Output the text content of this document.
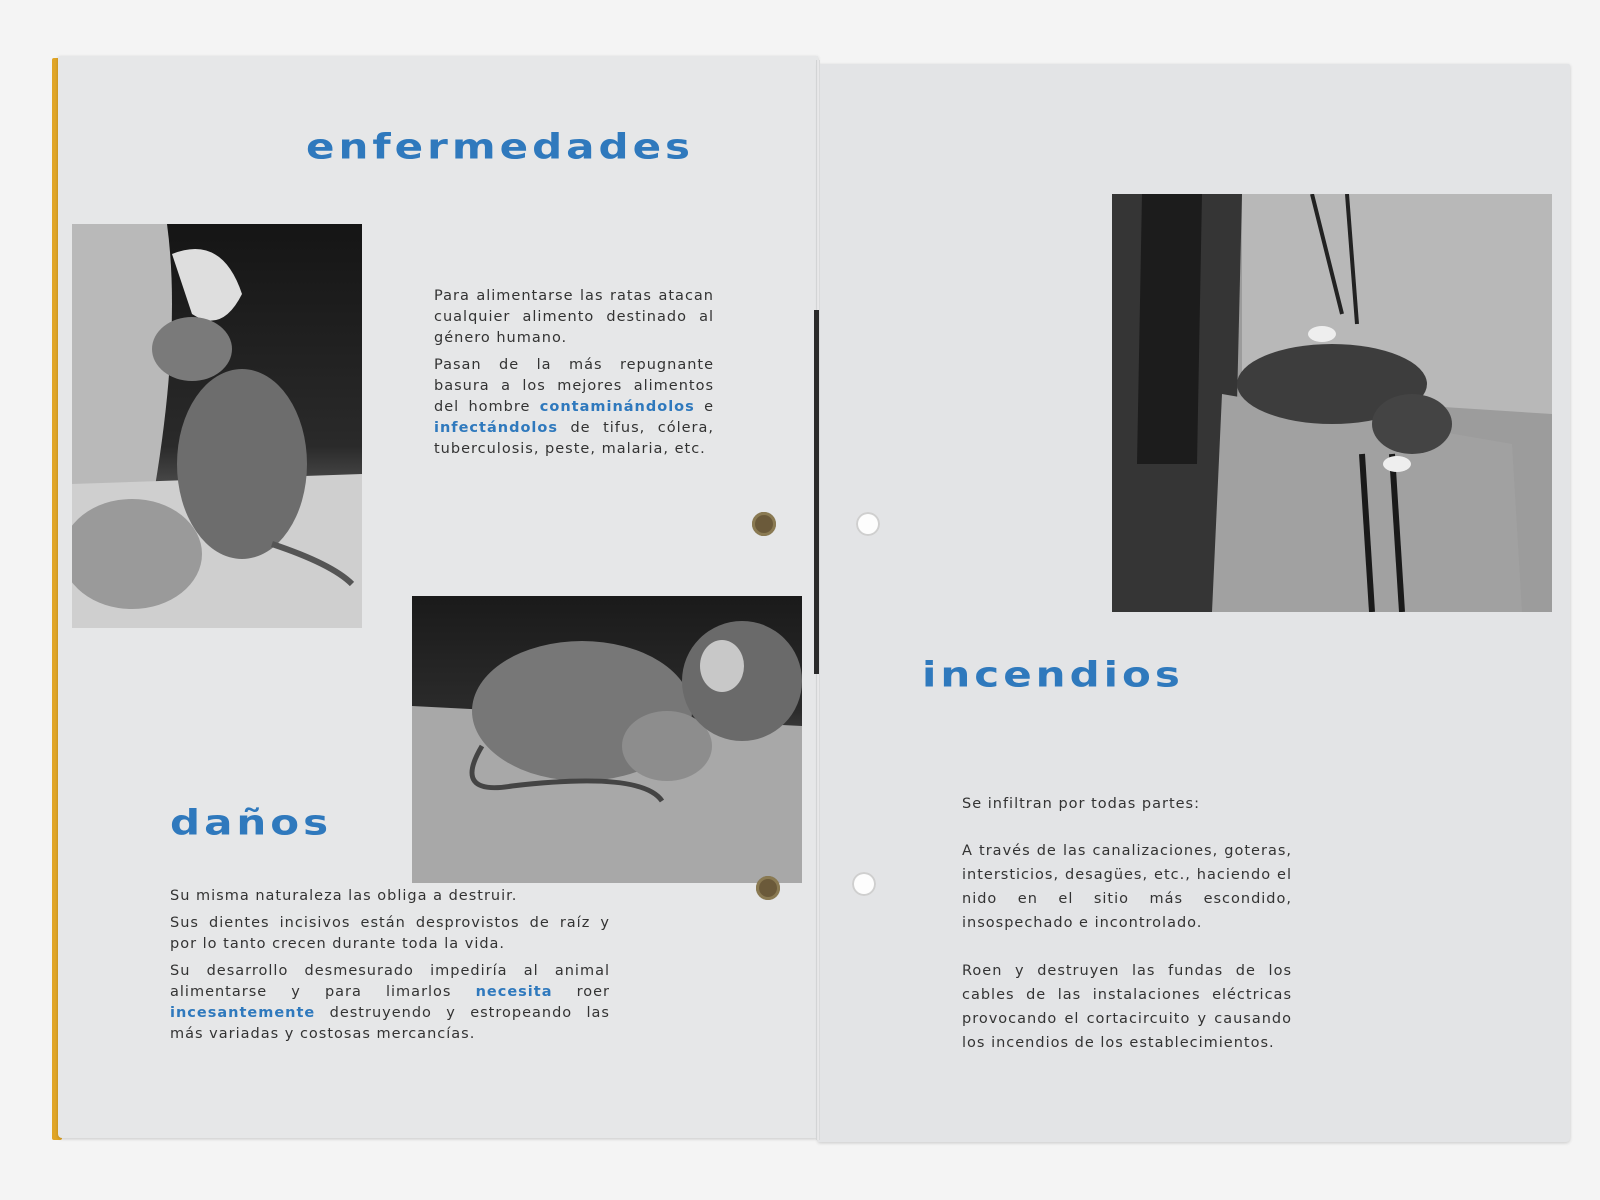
enfermedades

Para alimentarse las ratas atacan cualquier alimento destinado al género humano.

Pasan de la más repugnante basura a los mejores alimentos del hombre contaminándolos e infectándolos de tifus, cólera, tuberculosis, peste, malaria, etc.

daños

Su misma naturaleza las obliga a destruir.

Sus dientes incisivos están desprovistos de raíz y por lo tanto crecen durante toda la vida.

Su desarrollo desmesurado impediría al animal alimentarse y para limarlos necesita roer incesantemente destruyendo y estropeando las más variadas y costosas mercancías.

incendios

Se infiltran por todas partes:

A través de las canalizaciones, goteras, intersticios, desagües, etc., haciendo el nido en el sitio más escondido, insospechado e incontrolado.

Roen y destruyen las fundas de los cables de las instalaciones eléctricas provocando el cortacircuito y causando los incendios de los establecimientos.
